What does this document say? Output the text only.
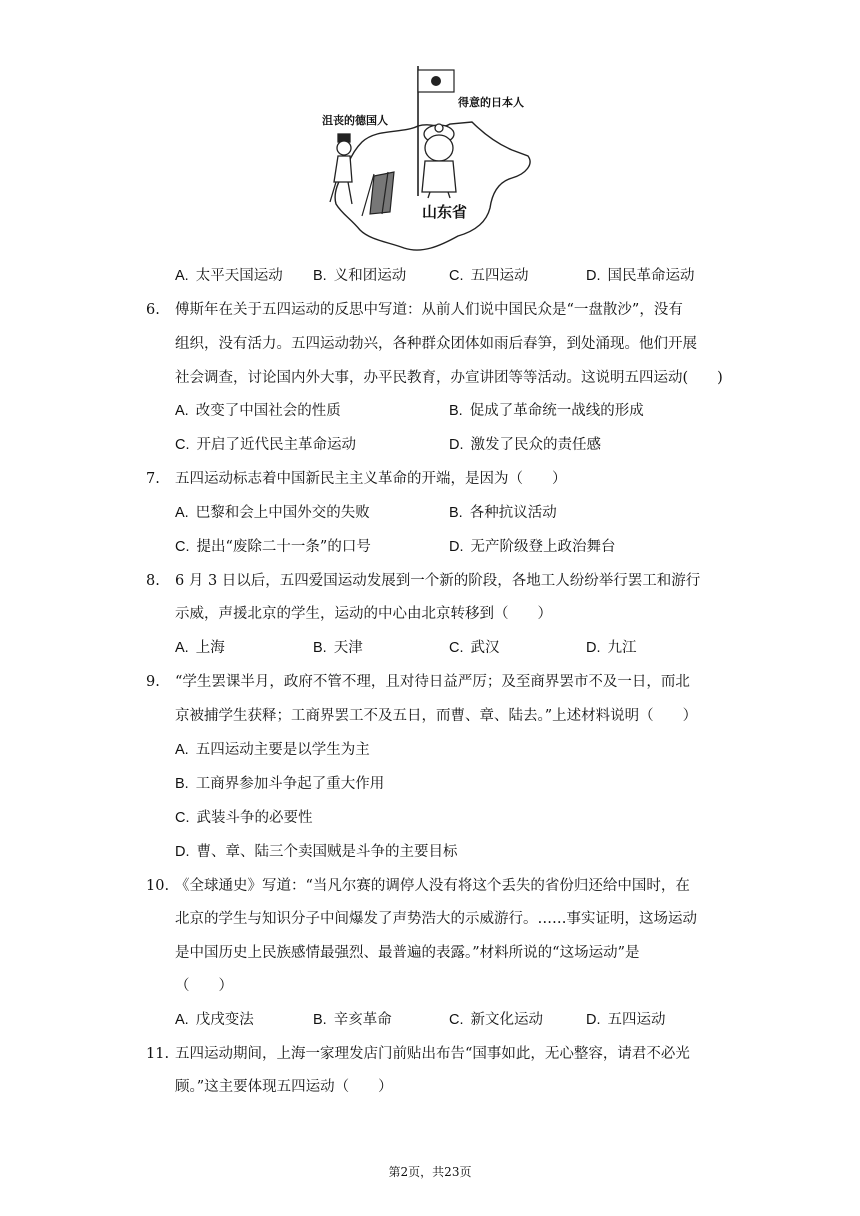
得意的日本人
沮丧的德国人
山东省
A. 太平天国运动 B. 义和团运动	C. 五四运动	D. 国民革命运动
6. 傅斯年在关于五四运动的反思中写道：从前人们说中国民众是“一盘散沙”，没有
组织，没有活力。五四运动勃兴，各种群众团体如雨后春笋，到处涌现。他们开展
社会调查，讨论国内外大事，办平民教育，办宣讲团等等活动。这说明五四运动(　　)
A. 改变了中国社会的性质	B. 促成了革命统一战线的形成
C. 开启了近代民主革命运动	D. 激发了民众的责任感
7. 五四运动标志着中国新民主主义革命的开端，是因为（　　）
A. 巴黎和会上中国外交的失败	B. 各种抗议活动
C. 提出“废除二十一条”的口号	D. 无产阶级登上政治舞台
8. 6 月 3 日以后，五四爱国运动发展到一个新的阶段，各地工人纷纷举行罢工和游行
示威，声援北京的学生，运动的中心由北京转移到（　　）
A. 上海	B. 天津	C. 武汉	D. 九江
9. “学生罢课半月，政府不管不理，且对待日益严厉；及至商界罢市不及一日，而北
京被捕学生获释；工商界罢工不及五日，而曹、章、陆去。”上述材料说明（　　）
A. 五四运动主要是以学生为主
B. 工商界参加斗争起了重大作用
C. 武装斗争的必要性
D. 曹、章、陆三个卖国贼是斗争的主要目标
10. 《全球通史》写道：“当凡尔赛的调停人没有将这个丢失的省份归还给中国时，在
北京的学生与知识分子中间爆发了声势浩大的示威游行。……事实证明，这场运动
是中国历史上民族感情最强烈、最普遍的表露。”材料所说的“这场运动”是
（　　）
A. 戊戌变法	B. 辛亥革命	C. 新文化运动	D. 五四运动
11. 五四运动期间，上海一家理发店门前贴出布告“国事如此，无心整容，请君不必光
顾。”这主要体现五四运动（　　）
第2页，共23页
